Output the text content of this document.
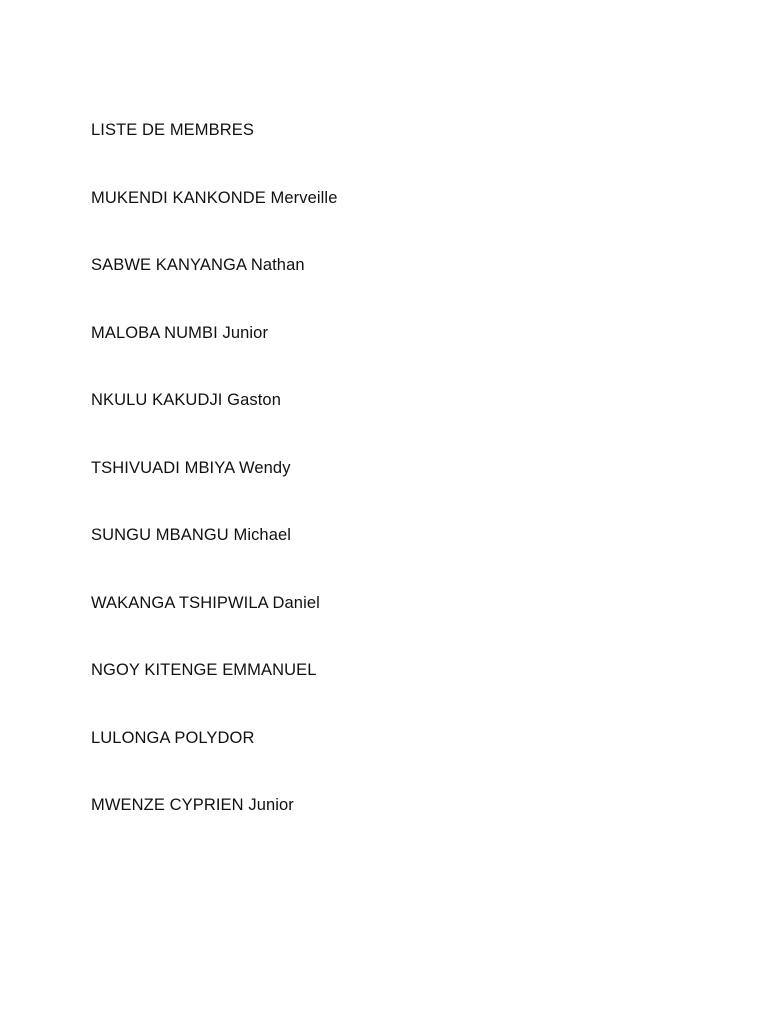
LISTE DE MEMBRES
MUKENDI KANKONDE Merveille
SABWE KANYANGA Nathan
MALOBA NUMBI Junior
NKULU KAKUDJI Gaston
TSHIVUADI MBIYA Wendy
SUNGU MBANGU Michael
WAKANGA TSHIPWILA Daniel
NGOY KITENGE EMMANUEL
LULONGA POLYDOR
MWENZE CYPRIEN Junior
